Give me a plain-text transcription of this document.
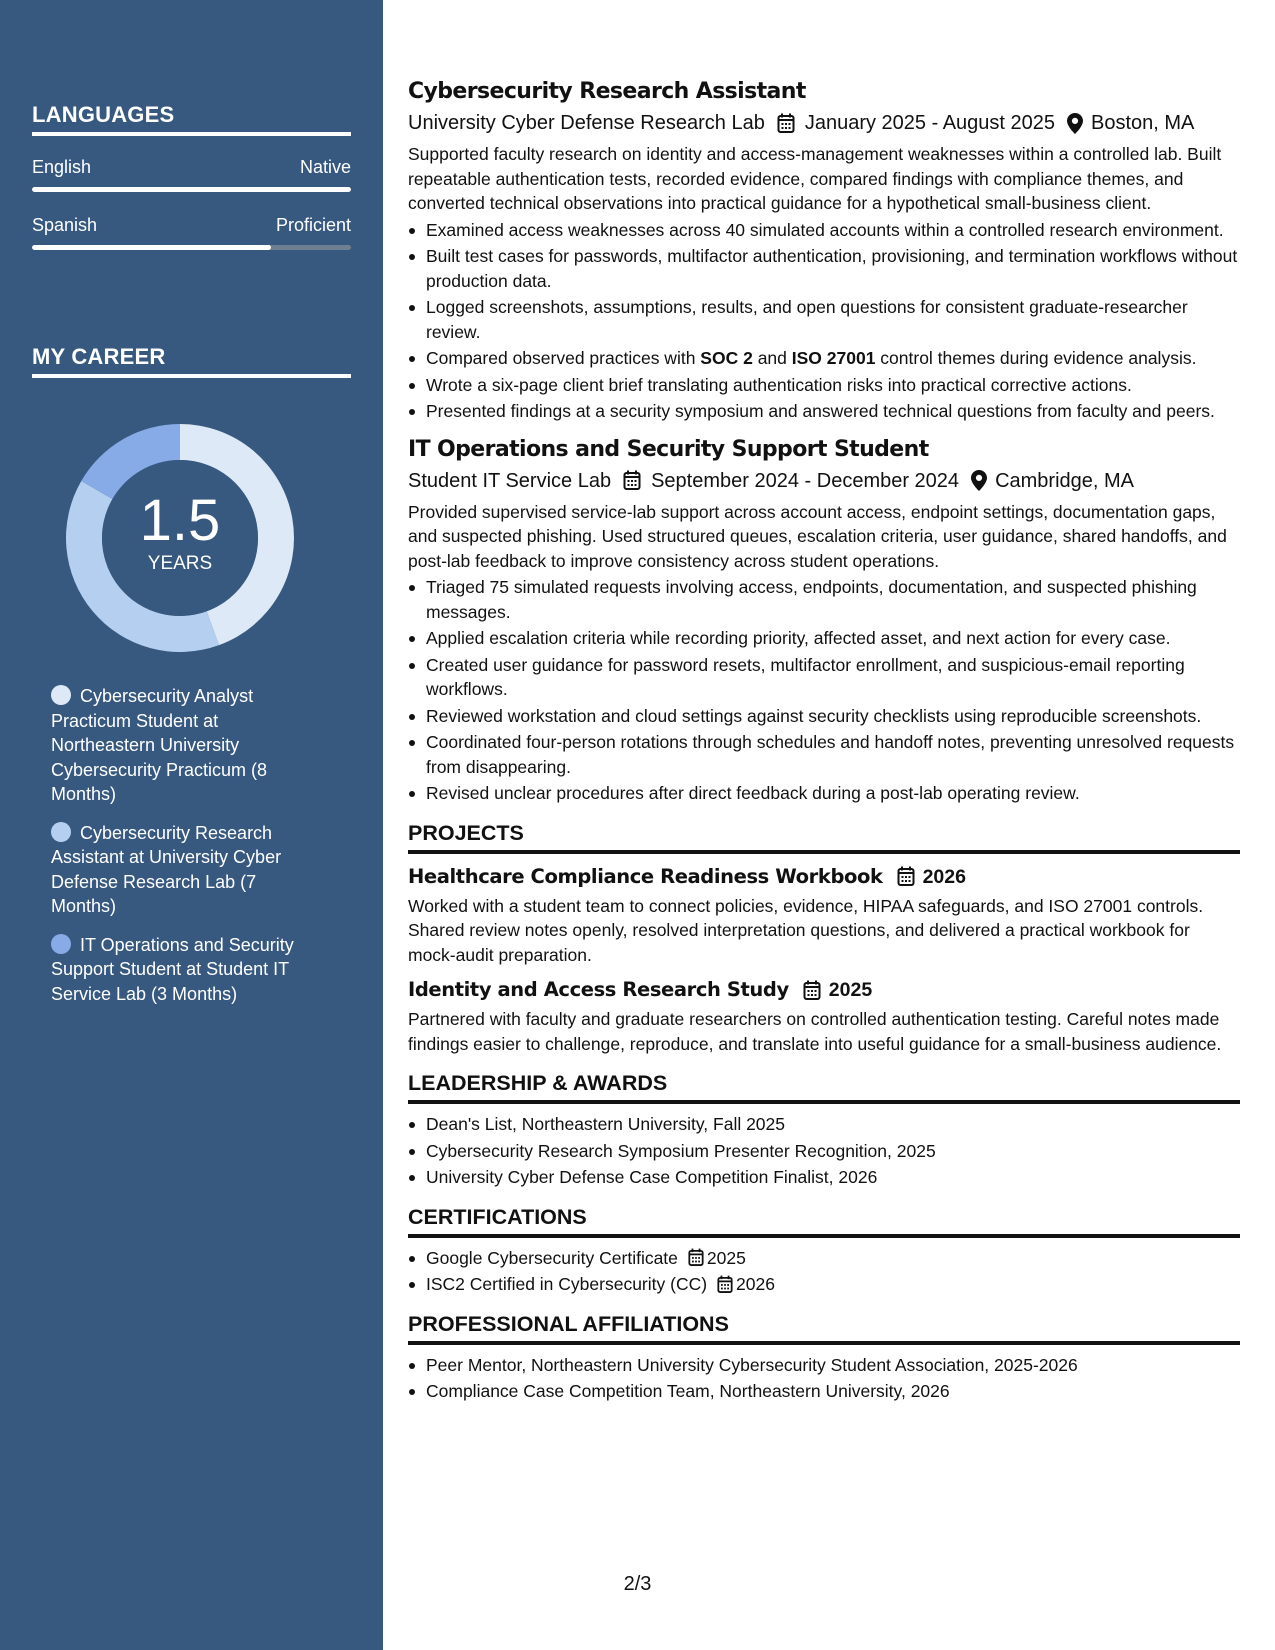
LANGUAGES
English	Native
Spanish	Proficient
MY CAREER
1.5
YEARS
Cybersecurity Analyst Practicum Student at Northeastern University Cybersecurity Practicum (8 Months)
Cybersecurity Research Assistant at University Cyber Defense Research Lab (7 Months)
IT Operations and Security Support Student at Student IT Service Lab (3 Months)
Cybersecurity Research Assistant
University Cyber Defense Research Lab January 2025 - August 2025 Boston, MA
Supported faculty research on identity and access-management weaknesses within a controlled lab. Built repeatable authentication tests, recorded evidence, compared findings with compliance themes, and converted technical observations into practical guidance for a hypothetical small-business client.
Examined access weaknesses across 40 simulated accounts within a controlled research environment.
Built test cases for passwords, multifactor authentication, provisioning, and termination workflows without production data.
Logged screenshots, assumptions, results, and open questions for consistent graduate-researcher review.
Compared observed practices with SOC 2 and ISO 27001 control themes during evidence analysis.
Wrote a six-page client brief translating authentication risks into practical corrective actions.
Presented findings at a security symposium and answered technical questions from faculty and peers.
IT Operations and Security Support Student
Student IT Service Lab September 2024 - December 2024 Cambridge, MA
Provided supervised service-lab support across account access, endpoint settings, documentation gaps, and suspected phishing. Used structured queues, escalation criteria, user guidance, shared handoffs, and post-lab feedback to improve consistency across student operations.
Triaged 75 simulated requests involving access, endpoints, documentation, and suspected phishing messages.
Applied escalation criteria while recording priority, affected asset, and next action for every case.
Created user guidance for password resets, multifactor enrollment, and suspicious-email reporting workflows.
Reviewed workstation and cloud settings against security checklists using reproducible screenshots.
Coordinated four-person rotations through schedules and handoff notes, preventing unresolved requests from disappearing.
Revised unclear procedures after direct feedback during a post-lab operating review.
PROJECTS
Healthcare Compliance Readiness Workbook 2026
Worked with a student team to connect policies, evidence, HIPAA safeguards, and ISO 27001 controls. Shared review notes openly, resolved interpretation questions, and delivered a practical workbook for mock-audit preparation.
Identity and Access Research Study 2025
Partnered with faculty and graduate researchers on controlled authentication testing. Careful notes made findings easier to challenge, reproduce, and translate into useful guidance for a small-business audience.
LEADERSHIP & AWARDS
Dean's List, Northeastern University, Fall 2025
Cybersecurity Research Symposium Presenter Recognition, 2025
University Cyber Defense Case Competition Finalist, 2026
CERTIFICATIONS
Google Cybersecurity Certificate 2025
ISC2 Certified in Cybersecurity (CC) 2026
PROFESSIONAL AFFILIATIONS
Peer Mentor, Northeastern University Cybersecurity Student Association, 2025-2026
Compliance Case Competition Team, Northeastern University, 2026
2/3
